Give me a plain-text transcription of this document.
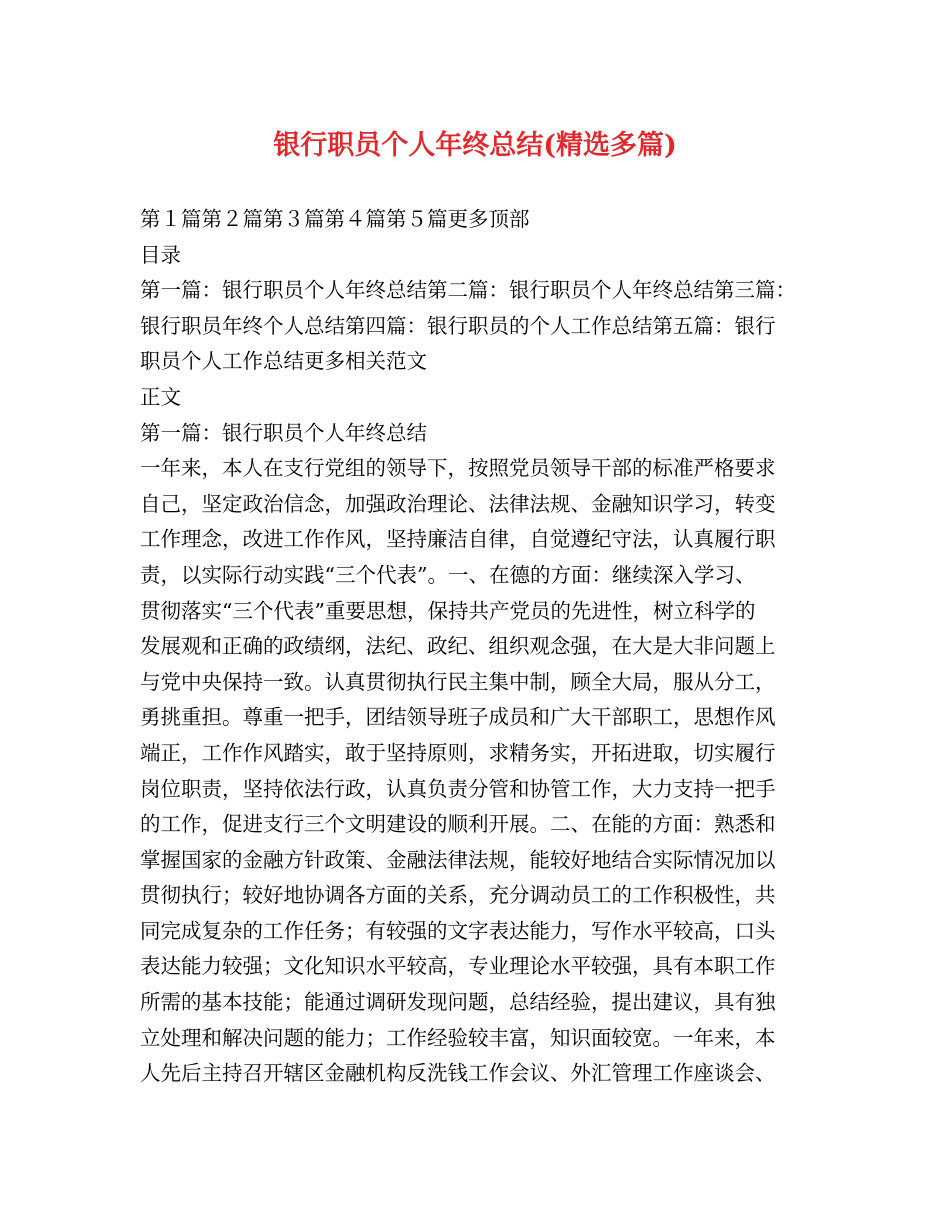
银行职员个人年终总结(精选多篇)

第１篇第２篇第３篇第４篇第５篇更多顶部

目录

第一篇：银行职员个人年终总结第二篇：银行职员个人年终总结第三篇：

银行职员年终个人总结第四篇：银行职员的个人工作总结第五篇：银行

职员个人工作总结更多相关范文

正文

第一篇：银行职员个人年终总结

一年来，本人在支行党组的领导下，按照党员领导干部的标准严格要求

自己，坚定政治信念，加强政治理论、法律法规、金融知识学习，转变

工作理念，改进工作作风，坚持廉洁自律，自觉遵纪守法，认真履行职

责，以实际行动实践“三个代表”。一、在德的方面：继续深入学习、

贯彻落实“三个代表”重要思想，保持共产党员的先进性，树立科学的

发展观和正确的政绩纲，法纪、政纪、组织观念强，在大是大非问题上

与党中央保持一致。认真贯彻执行民主集中制，顾全大局，服从分工，

勇挑重担。尊重一把手，团结领导班子成员和广大干部职工，思想作风

端正，工作作风踏实，敢于坚持原则，求精务实，开拓进取，切实履行

岗位职责，坚持依法行政，认真负责分管和协管工作，大力支持一把手

的工作，促进支行三个文明建设的顺利开展。二、在能的方面：熟悉和

掌握国家的金融方针政策、金融法律法规，能较好地结合实际情况加以

贯彻执行；较好地协调各方面的关系，充分调动员工的工作积极性，共

同完成复杂的工作任务；有较强的文字表达能力，写作水平较高，口头

表达能力较强；文化知识水平较高，专业理论水平较强，具有本职工作

所需的基本技能；能通过调研发现问题，总结经验，提出建议，具有独

立处理和解决问题的能力；工作经验较丰富，知识面较宽。一年来，本

人先后主持召开辖区金融机构反洗钱工作会议、外汇管理工作座谈会、
